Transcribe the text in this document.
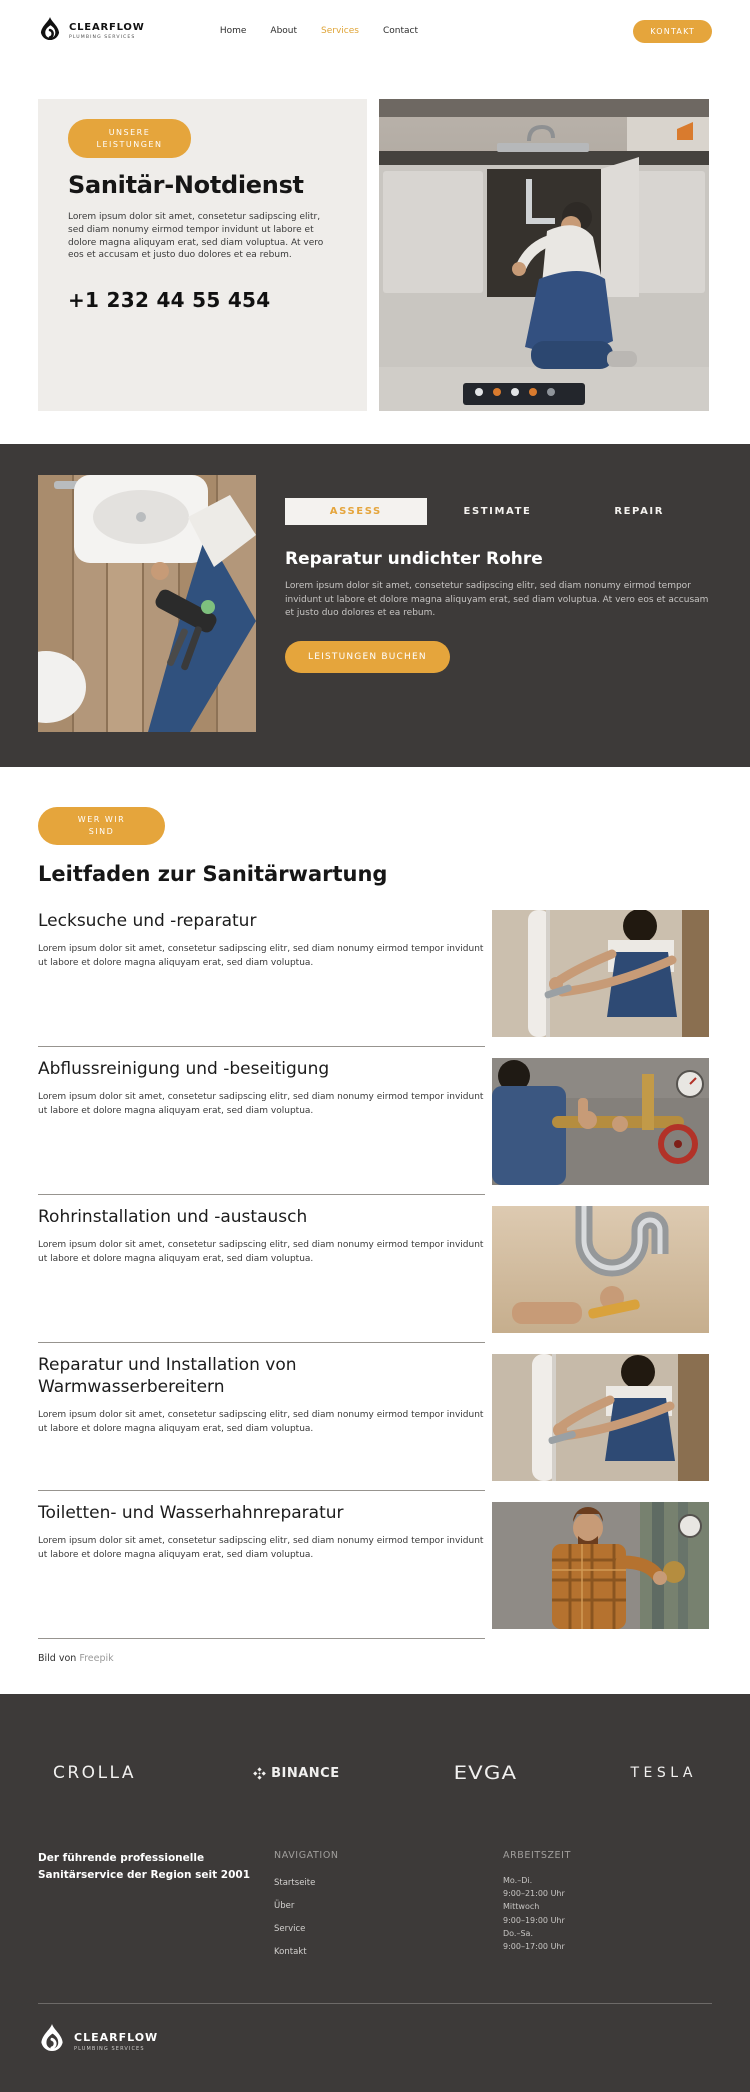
CLEARFLOW
PLUMBING SERVICES
Home	About	Services	Contact	KONTAKT
UNSERE LEISTUNGEN
Sanitär-Notdienst

Lorem ipsum dolor sit amet, consetetur sadipscing elitr, sed diam nonumy eirmod tempor invidunt ut labore et dolore magna aliquyam erat, sed diam voluptua. At vero eos et accusam et justo duo dolores et ea rebum.

+1 232 44 55 454
ASSESS	ESTIMATE	REPAIR
Reparatur undichter Rohre

Lorem ipsum dolor sit amet, consetetur sadipscing elitr, sed diam nonumy eirmod tempor invidunt ut labore et dolore magna aliquyam erat, sed diam voluptua. At vero eos et accusam et justo duo dolores et ea rebum.

LEISTUNGEN BUCHEN
WER WIR SIND
Leitfaden zur Sanitärwartung
Lecksuche und -reparatur

Lorem ipsum dolor sit amet, consetetur sadipscing elitr, sed diam nonumy eirmod tempor invidunt ut labore et dolore magna aliquyam erat, sed diam voluptua.

Abflussreinigung und -beseitigung

Lorem ipsum dolor sit amet, consetetur sadipscing elitr, sed diam nonumy eirmod tempor invidunt ut labore et dolore magna aliquyam erat, sed diam voluptua.

Rohrinstallation und -austausch

Lorem ipsum dolor sit amet, consetetur sadipscing elitr, sed diam nonumy eirmod tempor invidunt ut labore et dolore magna aliquyam erat, sed diam voluptua.

Reparatur und Installation von Warmwasserbereitern

Lorem ipsum dolor sit amet, consetetur sadipscing elitr, sed diam nonumy eirmod tempor invidunt ut labore et dolore magna aliquyam erat, sed diam voluptua.

Toiletten- und Wasserhahnreparatur

Lorem ipsum dolor sit amet, consetetur sadipscing elitr, sed diam nonumy eirmod tempor invidunt ut labore et dolore magna aliquyam erat, sed diam voluptua.

Bild von Freepik
CROLLA	BINANCE	EVGA	TESLA
Der führende professionelle Sanitärservice der Region seit 2001
NAVIGATION
Startseite
Über
Service
Kontakt
ARBEITSZEIT
Mo.–Di.
9:00–21:00 Uhr
Mittwoch
9:00–19:00 Uhr
Do.–Sa.
9:00–17:00 Uhr
CLEARFLOW
PLUMBING SERVICES
